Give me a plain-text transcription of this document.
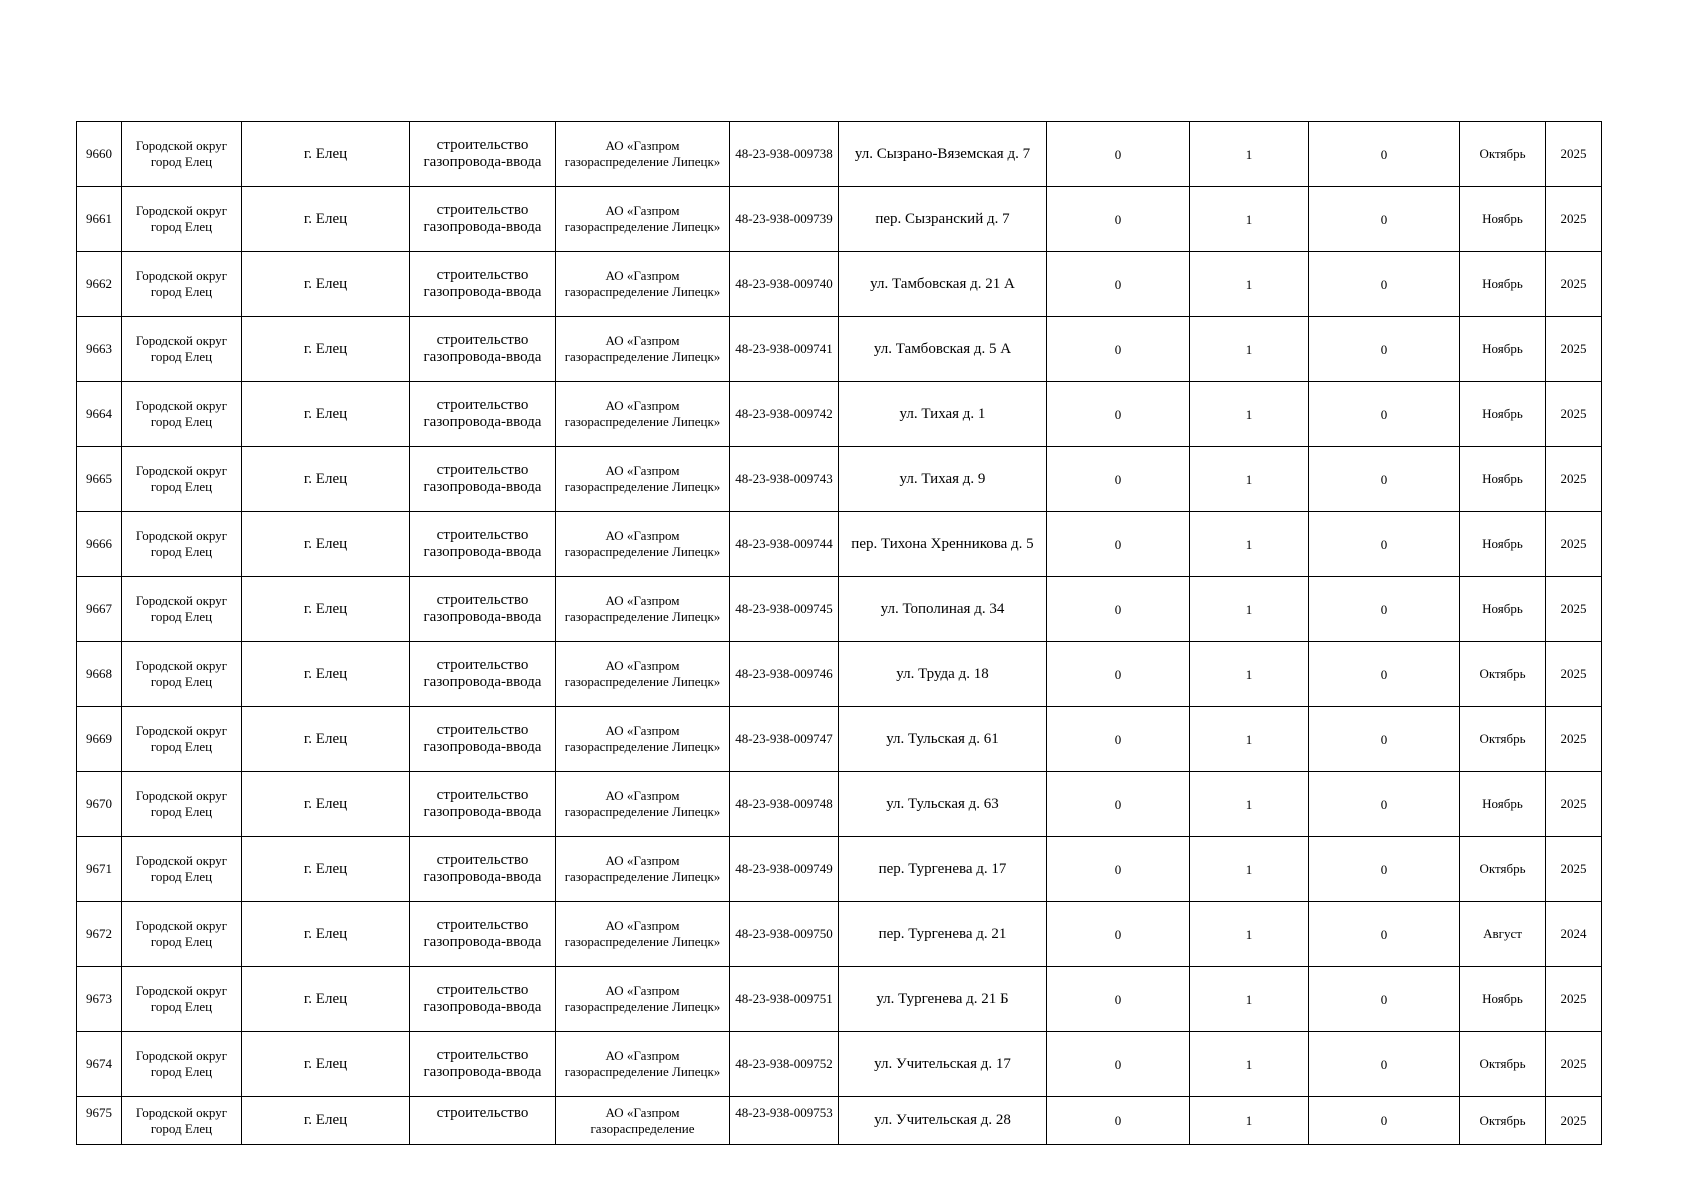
9660	Городской округ город Елец	г. Елец	строительство газопровода-ввода	АО «Газпром газораспределение Липецк»	48-23-938-009738	ул. Сызрано-Вяземская д. 7	0	1	0	Октябрь	2025
9661	Городской округ город Елец	г. Елец	строительство газопровода-ввода	АО «Газпром газораспределение Липецк»	48-23-938-009739	пер. Сызранский д. 7	0	1	0	Ноябрь	2025
9662	Городской округ город Елец	г. Елец	строительство газопровода-ввода	АО «Газпром газораспределение Липецк»	48-23-938-009740	ул. Тамбовская д. 21 А	0	1	0	Ноябрь	2025
9663	Городской округ город Елец	г. Елец	строительство газопровода-ввода	АО «Газпром газораспределение Липецк»	48-23-938-009741	ул. Тамбовская д. 5 А	0	1	0	Ноябрь	2025
9664	Городской округ город Елец	г. Елец	строительство газопровода-ввода	АО «Газпром газораспределение Липецк»	48-23-938-009742	ул. Тихая д. 1	0	1	0	Ноябрь	2025
9665	Городской округ город Елец	г. Елец	строительство газопровода-ввода	АО «Газпром газораспределение Липецк»	48-23-938-009743	ул. Тихая д. 9	0	1	0	Ноябрь	2025
9666	Городской округ город Елец	г. Елец	строительство газопровода-ввода	АО «Газпром газораспределение Липецк»	48-23-938-009744	пер. Тихона Хренникова д. 5	0	1	0	Ноябрь	2025
9667	Городской округ город Елец	г. Елец	строительство газопровода-ввода	АО «Газпром газораспределение Липецк»	48-23-938-009745	ул. Тополиная д. 34	0	1	0	Ноябрь	2025
9668	Городской округ город Елец	г. Елец	строительство газопровода-ввода	АО «Газпром газораспределение Липецк»	48-23-938-009746	ул. Труда д. 18	0	1	0	Октябрь	2025
9669	Городской округ город Елец	г. Елец	строительство газопровода-ввода	АО «Газпром газораспределение Липецк»	48-23-938-009747	ул. Тульская д. 61	0	1	0	Октябрь	2025
9670	Городской округ город Елец	г. Елец	строительство газопровода-ввода	АО «Газпром газораспределение Липецк»	48-23-938-009748	ул. Тульская д. 63	0	1	0	Ноябрь	2025
9671	Городской округ город Елец	г. Елец	строительство газопровода-ввода	АО «Газпром газораспределение Липецк»	48-23-938-009749	пер. Тургенева д. 17	0	1	0	Октябрь	2025
9672	Городской округ город Елец	г. Елец	строительство газопровода-ввода	АО «Газпром газораспределение Липецк»	48-23-938-009750	пер. Тургенева д. 21	0	1	0	Август	2024
9673	Городской округ город Елец	г. Елец	строительство газопровода-ввода	АО «Газпром газораспределение Липецк»	48-23-938-009751	ул. Тургенева д. 21 Б	0	1	0	Ноябрь	2025
9674	Городской округ город Елец	г. Елец	строительство газопровода-ввода	АО «Газпром газораспределение Липецк»	48-23-938-009752	ул. Учительская д. 17	0	1	0	Октябрь	2025
9675	Городской округ город Елец	г. Елец	строительство	АО «Газпром газораспределение	48-23-938-009753	ул. Учительская д. 28	0	1	0	Октябрь	2025
